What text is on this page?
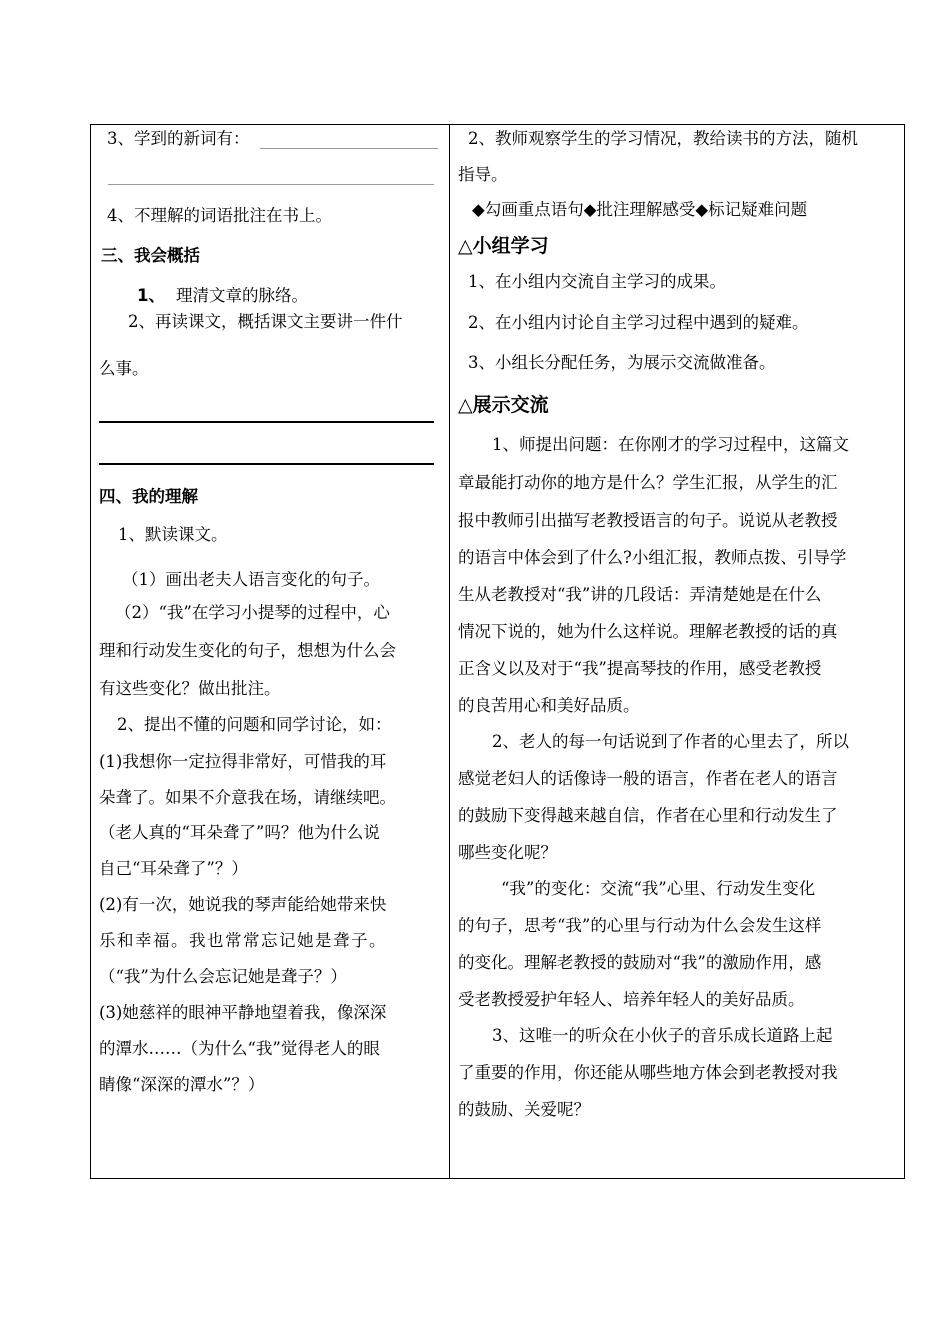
3、学到的新词有：
4、不理解的词语批注在书上。
三、我会概括
1、 理清文章的脉络。
2、再读课文，概括课文主要讲一件什
么事。
四、我的理解
1、默读课文。
（1）画出老夫人语言变化的句子。
（2）“我”在学习小提琴的过程中，心
理和行动发生变化的句子，想想为什么会
有这些变化？做出批注。
2、提出不懂的问题和同学讨论，如：
(1)我想你一定拉得非常好，可惜我的耳
朵聋了。如果不介意我在场，请继续吧。
（老人真的“耳朵聋了”吗？他为什么说
自己“耳朵聋了”？）
(2)有一次，她说我的琴声能给她带来快
乐和幸福。我也常常忘记她是聋子。
（“我”为什么会忘记她是聋子？）
(3)她慈祥的眼神平静地望着我，像深深
的潭水……（为什么“我”觉得老人的眼
睛像“深深的潭水”？）
2、教师观察学生的学习情况，教给读书的方法，随机
指导。
◆勾画重点语句◆批注理解感受◆标记疑难问题
△小组学习
1、在小组内交流自主学习的成果。
2、在小组内讨论自主学习过程中遇到的疑难。
3、小组长分配任务，为展示交流做准备。
△展示交流
1、师提出问题：在你刚才的学习过程中，这篇文
章最能打动你的地方是什么？学生汇报，从学生的汇
报中教师引出描写老教授语言的句子。说说从老教授
的语言中体会到了什么?小组汇报，教师点拨、引导学
生从老教授对“我”讲的几段话：弄清楚她是在什么
情况下说的，她为什么这样说。理解老教授的话的真
正含义以及对于“我”提高琴技的作用，感受老教授
的良苦用心和美好品质。
2、老人的每一句话说到了作者的心里去了，所以
感觉老妇人的话像诗一般的语言，作者在老人的语言
的鼓励下变得越来越自信，作者在心里和行动发生了
哪些变化呢？
“我”的变化：交流“我”心里、行动发生变化
的句子，思考“我”的心里与行动为什么会发生这样
的变化。理解老教授的鼓励对“我”的激励作用，感
受老教授爱护年轻人、培养年轻人的美好品质。
3、这唯一的听众在小伙子的音乐成长道路上起
了重要的作用，你还能从哪些地方体会到老教授对我
的鼓励、关爱呢？
